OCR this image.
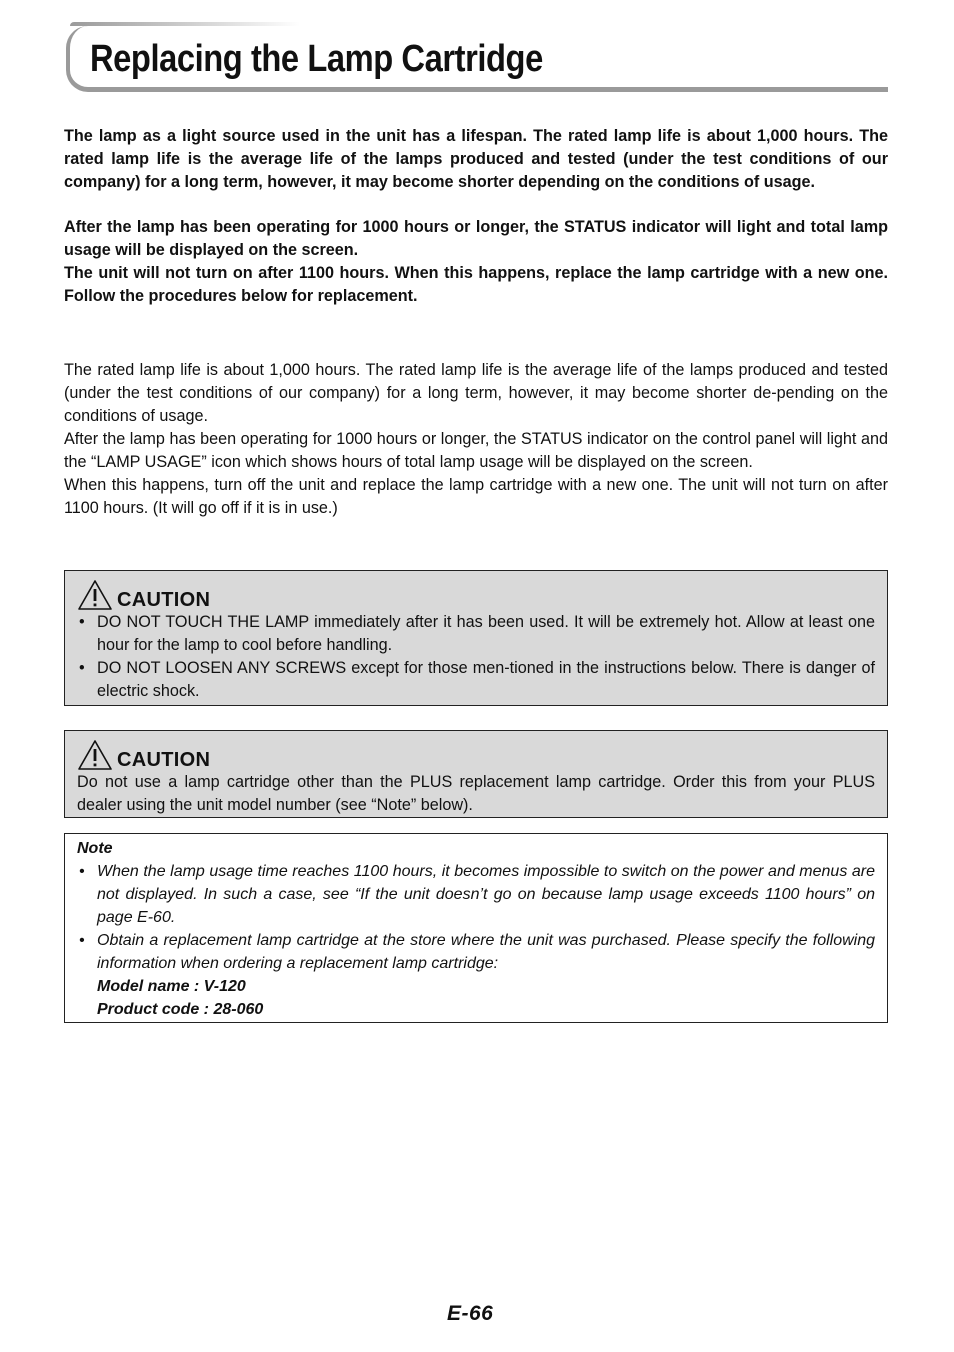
Replacing the Lamp Cartridge

The lamp as a light source used in the unit has a lifespan. The rated lamp life is about 1,000 hours. The rated lamp life is the average life of the lamps produced and tested (under the test conditions of our company) for a long term, however, it may become shorter depending on the conditions of usage.

After the lamp has been operating for 1000 hours or longer, the STATUS indicator will light and total lamp usage will be displayed on the screen.

The unit will not turn on after 1100 hours. When this happens, replace the lamp cartridge with a new one. Follow the procedures below for replacement.

The rated lamp life is about 1,000 hours. The rated lamp life is the average life of the lamps produced and tested (under the test conditions of our company) for a long term, however, it may become shorter de-pending on the conditions of usage.

After the lamp has been operating for 1000 hours or longer, the STATUS indicator on the control panel will light and the “LAMP USAGE” icon which shows hours of total lamp usage will be displayed on the screen.

When this happens, turn off the unit and replace the lamp cartridge with a new one. The unit will not turn on after 1100 hours. (It will go off if it is in use.)

CAUTION
• DO NOT TOUCH THE LAMP immediately after it has been used. It will be extremely hot. Allow at least one hour for the lamp to cool before handling.
• DO NOT LOOSEN ANY SCREWS except for those men-tioned in the instructions below. There is danger of electric shock.
CAUTION
Do not use a lamp cartridge other than the PLUS replacement lamp cartridge. Order this from your PLUS dealer using the unit model number (see “Note” below).
Note
• When the lamp usage time reaches 1100 hours, it becomes impossible to switch on the power and menus are not displayed. In such a case, see “If the unit doesn’t go on because lamp usage exceeds 1100 hours” on page E-60.
• Obtain a replacement lamp cartridge at the store where the unit was purchased. Please specify the following information when ordering a replacement lamp cartridge:
Model name : V-120
Product code : 28-060
E-66
